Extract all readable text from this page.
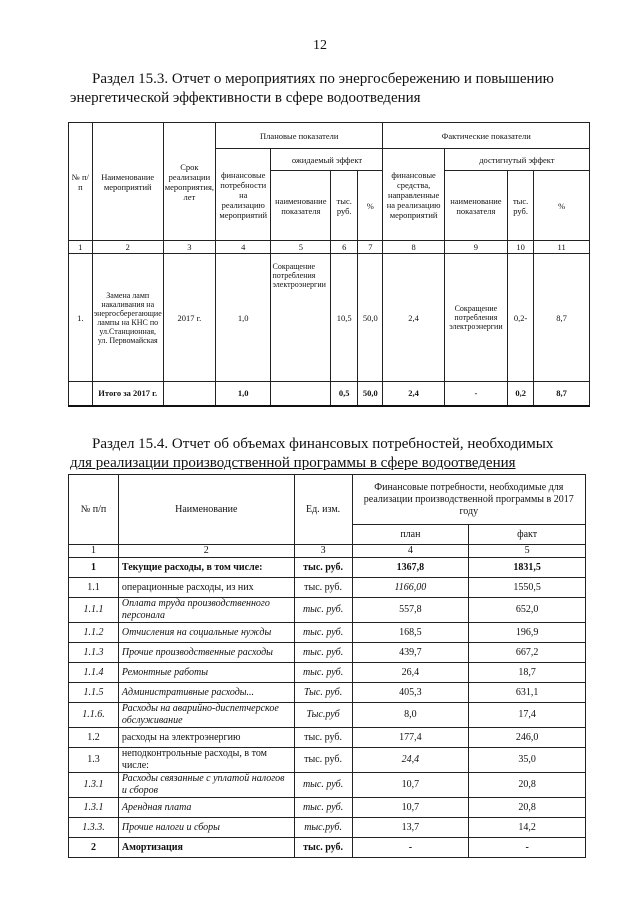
12
Раздел 15.3. Отчет о мероприятиях по энергосбережению и повышению
энергетической эффективности в сфере водоотведения
№ п/п	Наименование мероприятий	Срок реализации мероприятия, лет	Плановые показатели				Фактические показатели			
			финансовые потребности на реализацию мероприятий	ожидаемый эффект			финансовые средства, направленные на реализацию мероприятий	достигнутый эффект		
				наименование показателя	тыс. руб.	%		наименование показателя	тыс. руб.	%
1	2	3	4	5	6	7	8	9	10	11
1.	Замена ламп накаливания на энергосберегающие лампы на КНС по ул.Станционная, ул. Первомайская	2017 г.	1,0	Сокращение потребления электроэнергии	10,5	50,0	2,4	Сокращение потребления электроэнергии	0,2-	8,7
	Итого за 2017 г.		1,0		0,5	50,0	2,4	-	0,2	8,7
Раздел 15.4. Отчет об объемах финансовых потребностей, необходимых
для реализации производственной программы в сфере водоотведения
№ п/п	Наименование	Ед. изм.	Финансовые потребности, необходимые для реализации производственной программы в 2017 году	
			план	факт
1	2	3	4	5
1	Текущие расходы, в том числе:	тыс. руб.	1367,8	1831,5
1.1	операционные расходы, из них	тыс. руб.	1166,00	1550,5
1.1.1	Оплата труда производственного персонала	тыс. руб.	557,8	652,0
1.1.2	Отчисления на социальные нужды	тыс. руб.	168,5	196,9
1.1.3	Прочие производственные расходы	тыс. руб.	439,7	667,2
1.1.4	Ремонтные работы	тыс. руб.	26,4	18,7
1.1.5	Административные расходы...	Тыс. руб.	405,3	631,1
1.1.6.	Расходы на аварийно-диспетчерское обслуживание	Тыс.руб	8,0	17,4
1.2	расходы на электроэнергию	тыс. руб.	177,4	246,0
1.3	неподконтрольные расходы, в том числе:	тыс. руб.	24,4	35,0
1.3.1	Расходы связанные с уплатой налогов и сборов	тыс. руб.	10,7	20,8
1.3.1	Арендная плата	тыс. руб.	10,7	20,8
1.3.3.	Прочие налоги и сборы	тыс.руб.	13,7	14,2
2	Амортизация	тыс. руб.	-	-
